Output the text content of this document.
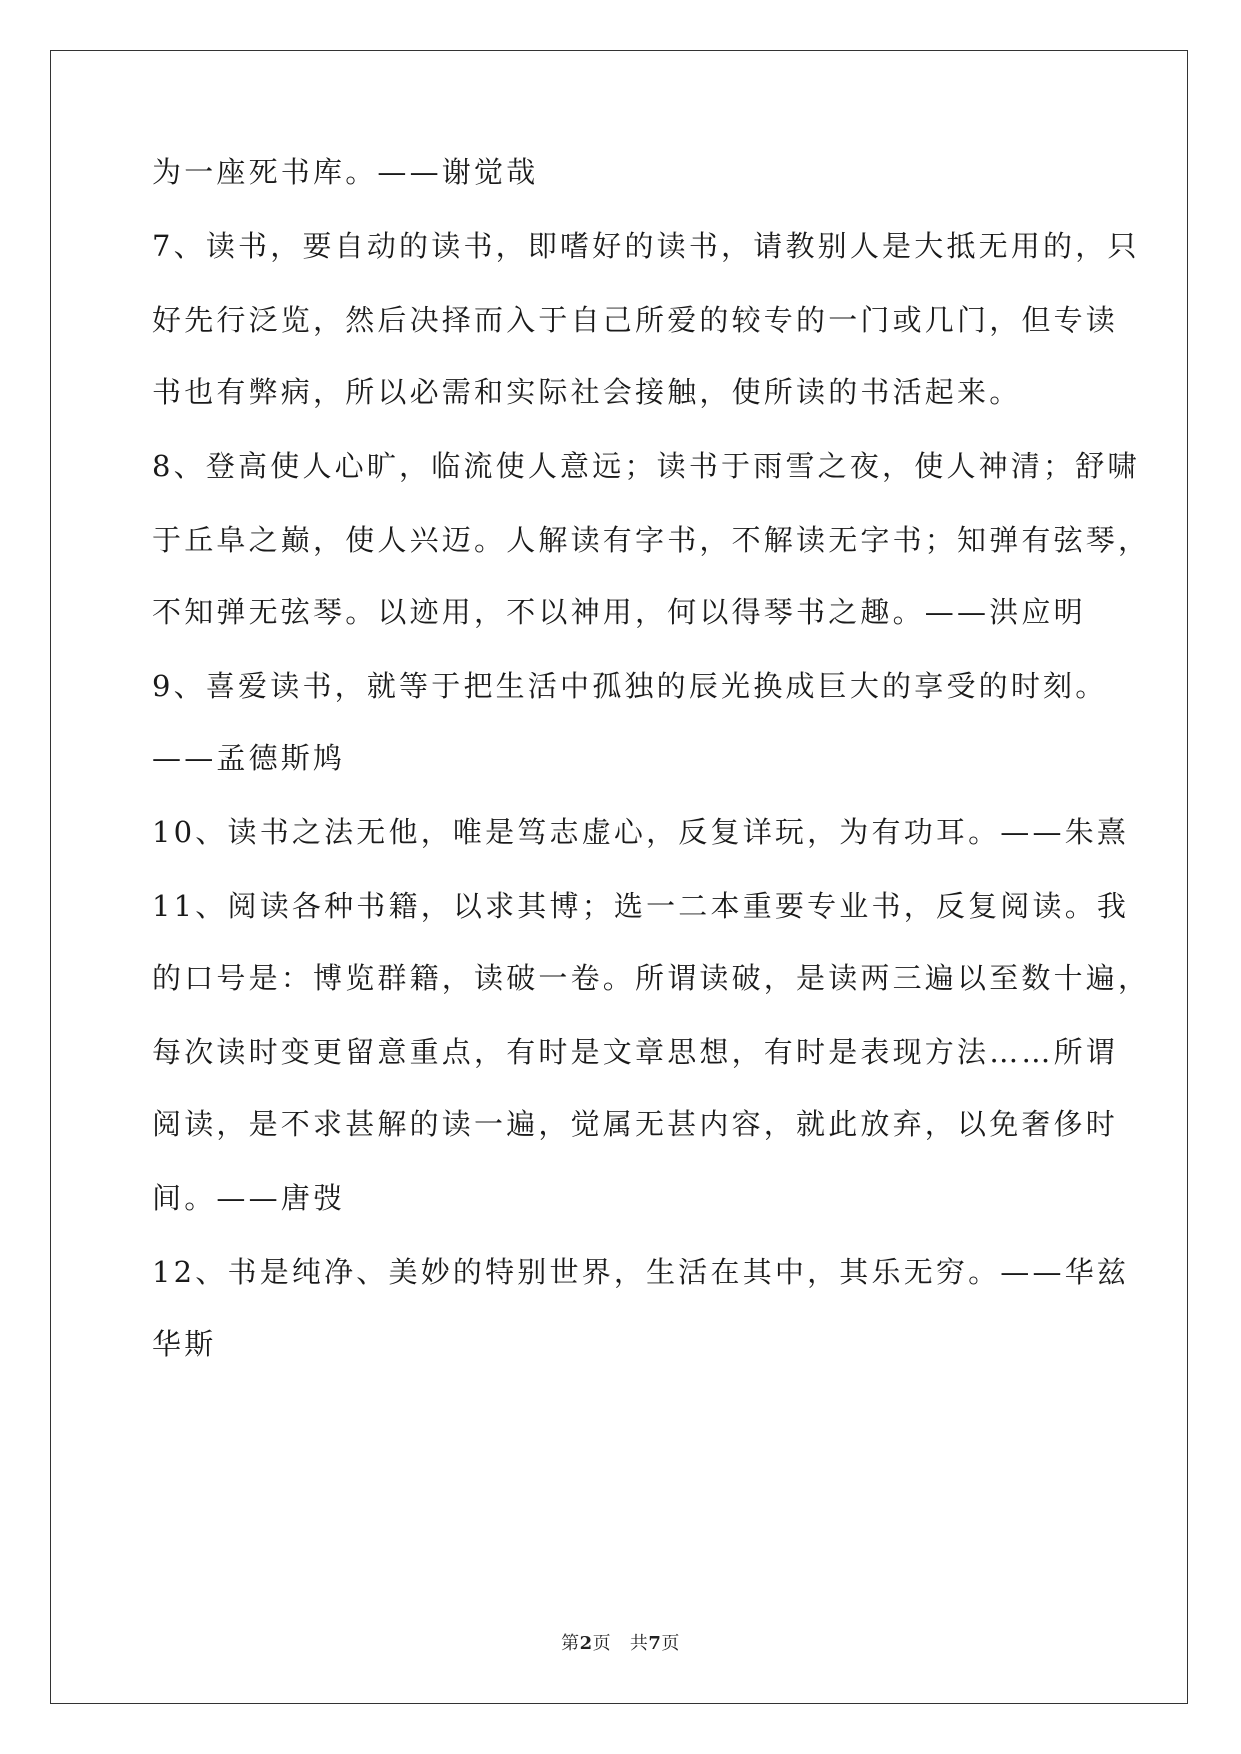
为一座死书库。——谢觉哉
7、读书，要自动的读书，即嗜好的读书，请教别人是大抵无用的，只
好先行泛览，然后决择而入于自己所爱的较专的一门或几门，但专读
书也有弊病，所以必需和实际社会接触，使所读的书活起来。
8、登高使人心旷，临流使人意远；读书于雨雪之夜，使人神清；舒啸
于丘阜之巅，使人兴迈。人解读有字书，不解读无字书；知弹有弦琴，
不知弹无弦琴。以迹用，不以神用，何以得琴书之趣。——洪应明
9、喜爱读书，就等于把生活中孤独的辰光换成巨大的享受的时刻。
——孟德斯鸠
10、读书之法无他，唯是笃志虚心，反复详玩，为有功耳。——朱熹
11、阅读各种书籍，以求其博；选一二本重要专业书，反复阅读。我
的口号是：博览群籍，读破一卷。所谓读破，是读两三遍以至数十遍，
每次读时变更留意重点，有时是文章思想，有时是表现方法……所谓
阅读，是不求甚解的读一遍，觉属无甚内容，就此放弃，以免奢侈时
间。——唐弢
12、书是纯净、美妙的特别世界，生活在其中，其乐无穷。——华兹
华斯
第2页 共7页
